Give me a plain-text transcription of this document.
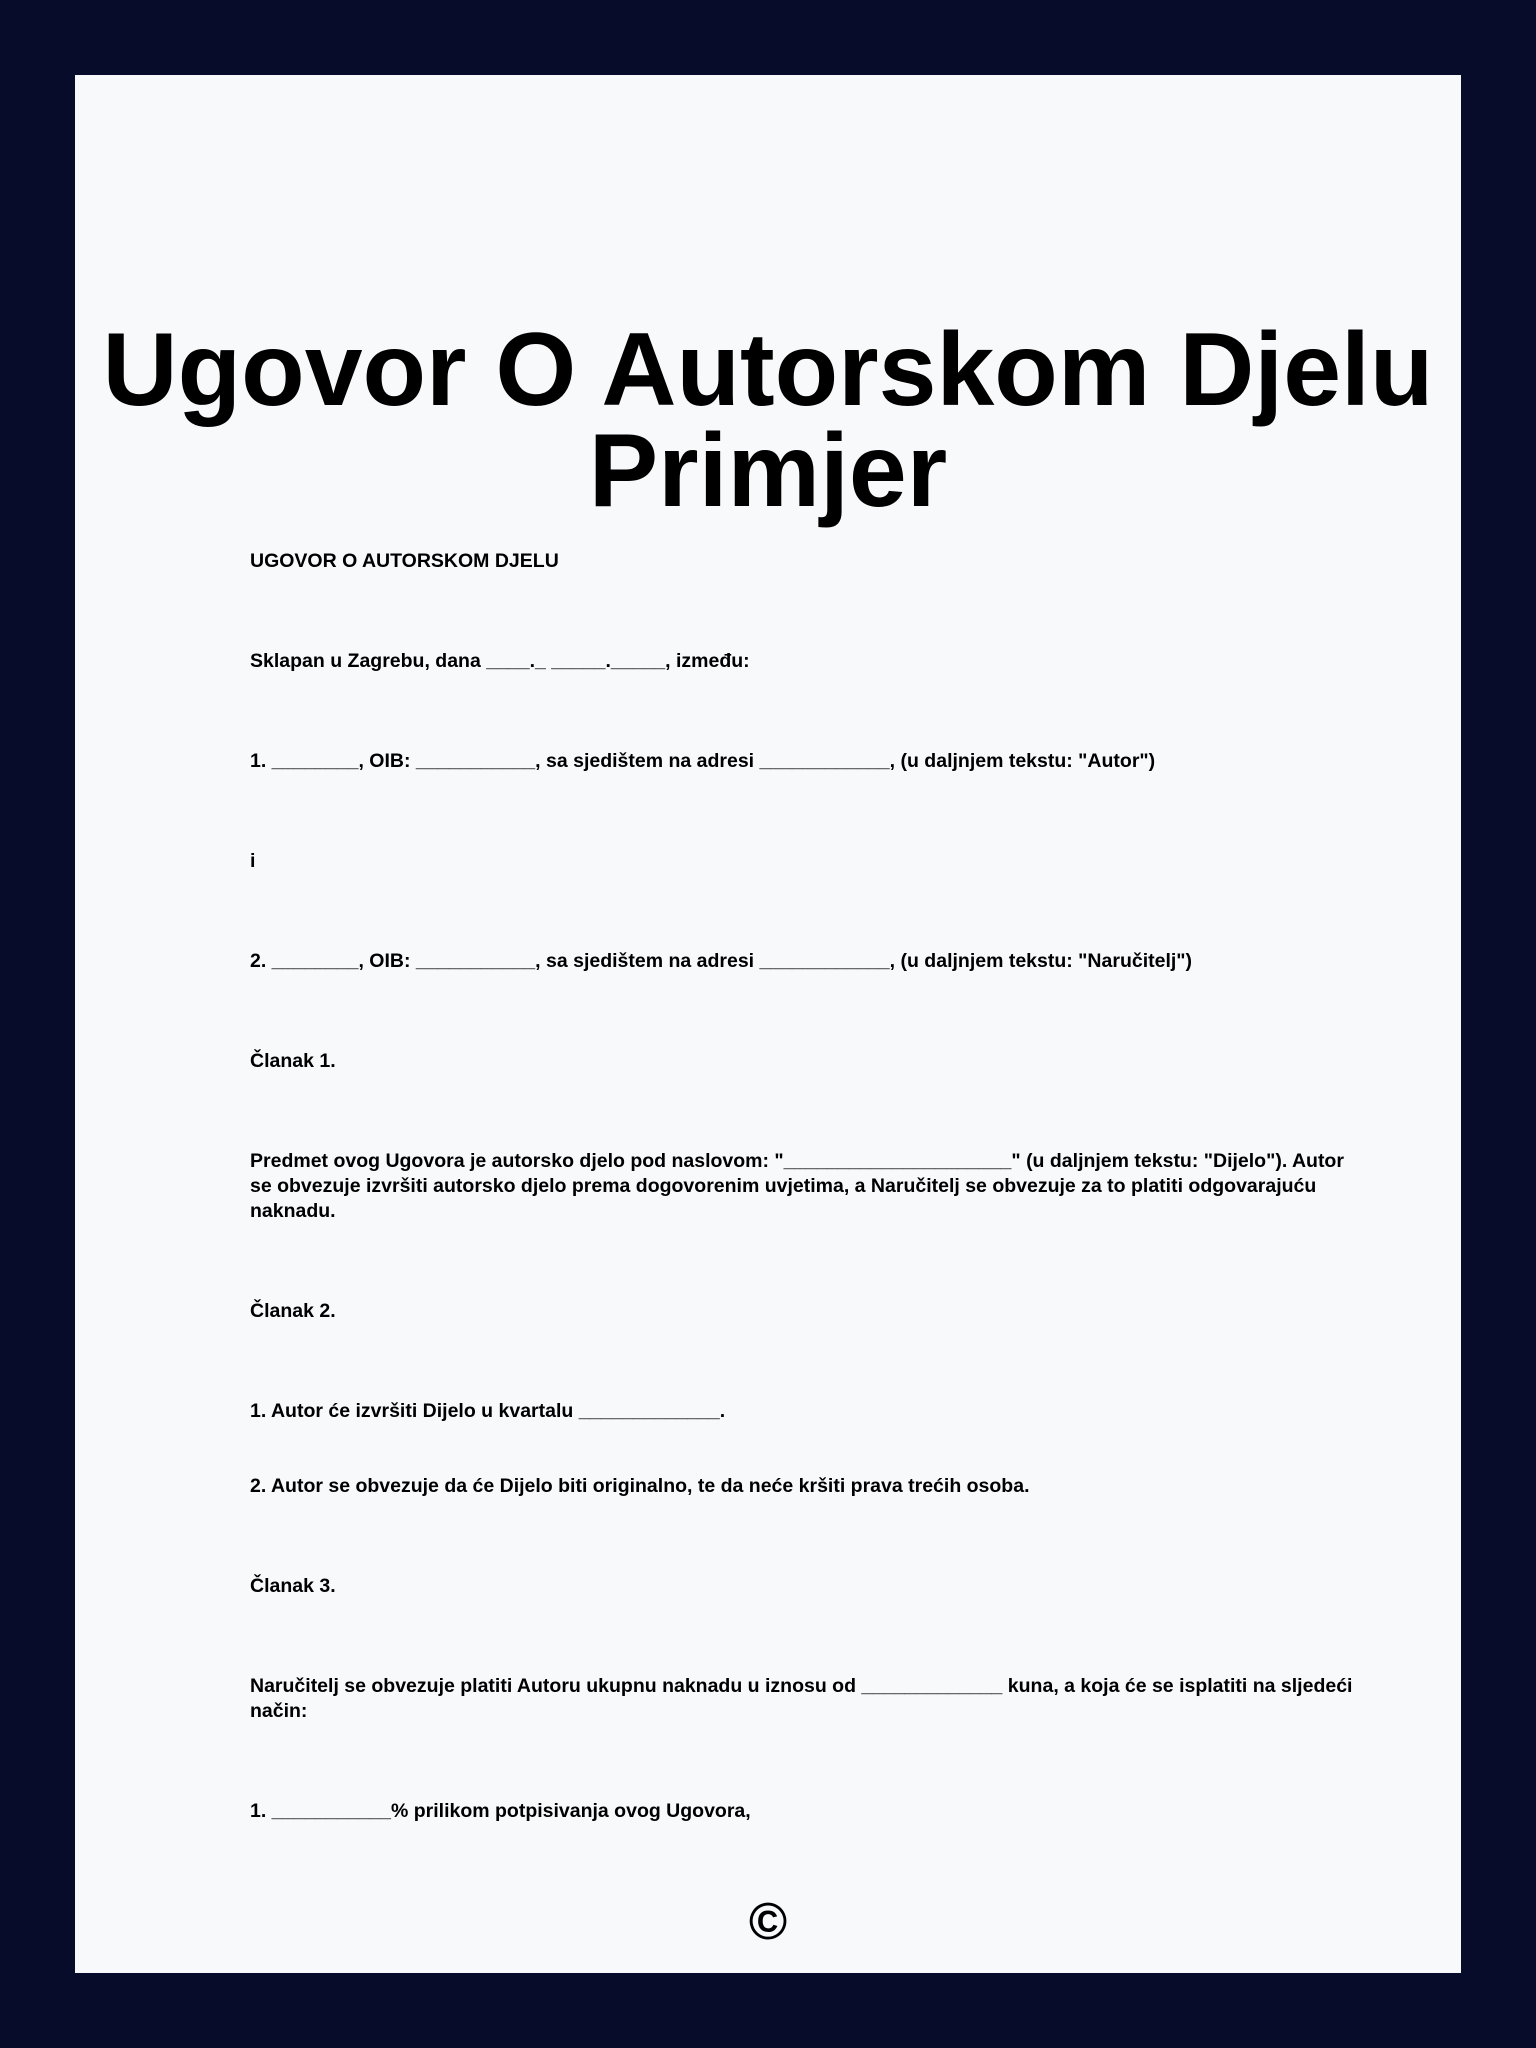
Ugovor O Autorskom Djelu Primjer

UGOVOR O AUTORSKOM DJELU

Sklapan u Zagrebu, dana ____._ _____._____, između:

1. ________, OIB: ___________, sa sjedištem na adresi ____________, (u daljnjem tekstu: "Autor")

i

2. ________, OIB: ___________, sa sjedištem na adresi ____________, (u daljnjem tekstu: "Naručitelj")

Članak 1.

Predmet ovog Ugovora je autorsko djelo pod naslovom: "_____________________" (u daljnjem tekstu: "Dijelo"). Autor se obvezuje izvršiti autorsko djelo prema dogovorenim uvjetima, a Naručitelj se obvezuje za to platiti odgovarajuću naknadu.

Članak 2.

1. Autor će izvršiti Dijelo u kvartalu _____________.

2. Autor se obvezuje da će Dijelo biti originalno, te da neće kršiti prava trećih osoba.

Članak 3.

Naručitelj se obvezuje platiti Autoru ukupnu naknadu u iznosu od _____________ kuna, a koja će se isplatiti na sljedeći način:

1. ___________% prilikom potpisivanja ovog Ugovora,

©
